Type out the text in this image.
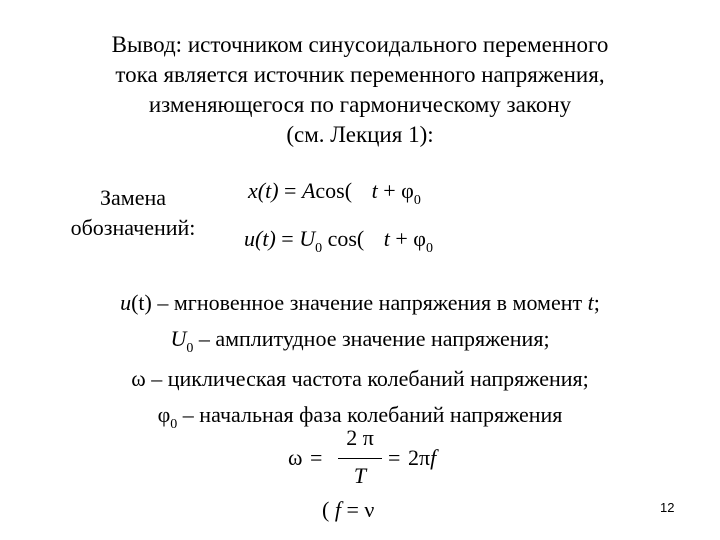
Вывод: источником синусоидального переменного
тока является источник переменного напряжения,
изменяющегося по гармоническому закону
(см. Лекция 1):
Замена
обозначений:
x(t) = Acos( $t + \varphi_0$
$u(t) = U_0$ cos( $t + \varphi_0$
u(t) – мгновенное значение напряжения в момент t;
$U_0$ – амплитудное значение напряжения;
ω – циклическая частота колебаний напряжения;
$\varphi_0$ – начальная фаза колебаний напряжения
ω =
2 π
T
= 2πf
( f = ν	12
